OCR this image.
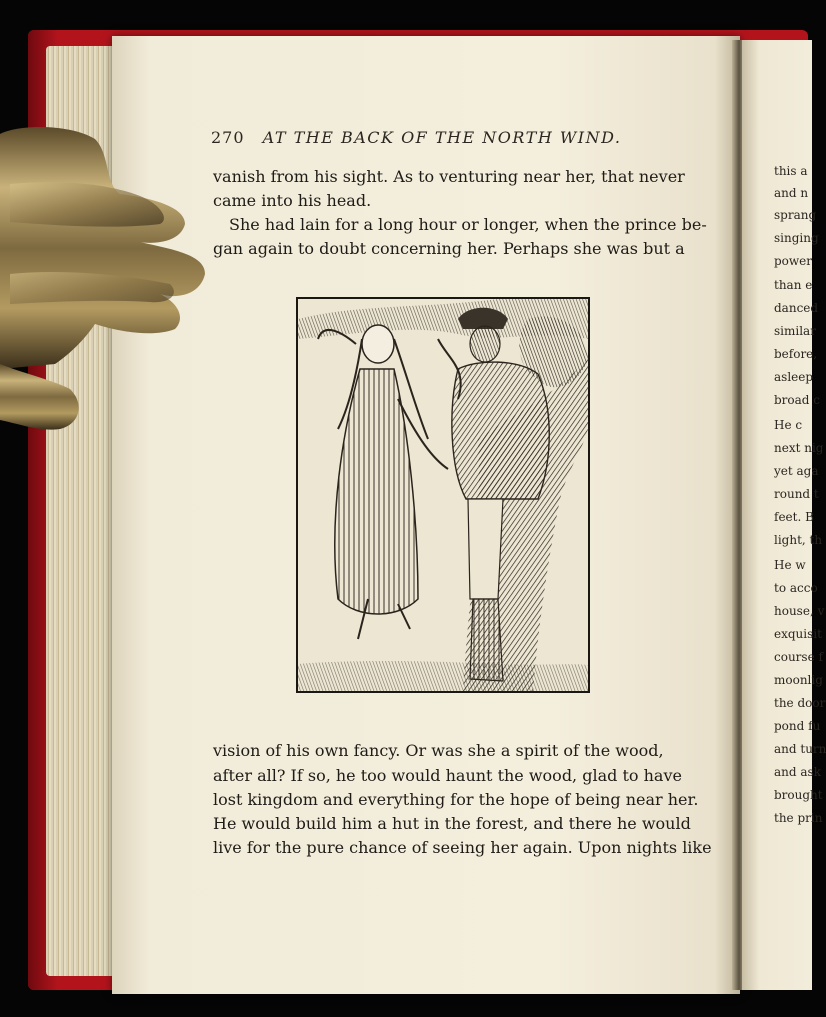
this a
and n
sprang
singing
power
than e
danced
similar
before,
asleep
broad c
He c
next nig
yet aga
round t
feet. B
light, th
He w
to acco
house, v
exquisit
course f
moonlig
the door
pond fu
and turn
and ask
brought
the prin
270 AT THE BACK OF THE NORTH WIND.
vanish from his sight. As to venturing near her, that never
came into his head.
She had lain for a long hour or longer, when the prince be-
gan again to doubt concerning her. Perhaps she was but a
vision of his own fancy. Or was she a spirit of the wood,
after all? If so, he too would haunt the wood, glad to have
lost kingdom and everything for the hope of being near her.
He would build him a hut in the forest, and there he would
live for the pure chance of seeing her again. Upon nights like
